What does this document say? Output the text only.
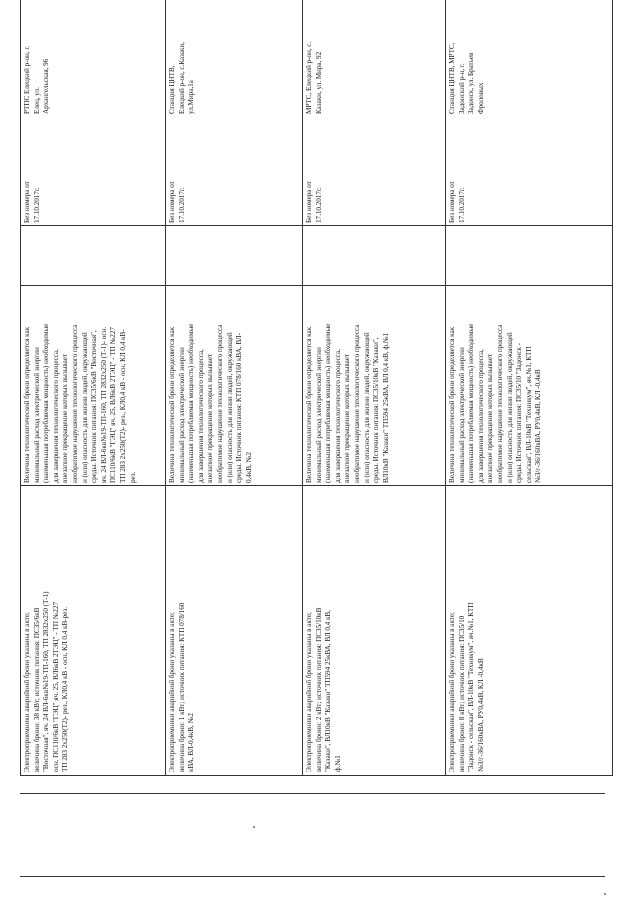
РТПС Елецкий р-он, г.
Елец, ул.
Архангельская, 96
Без номера от
17.10.2017г.
Величина технологической брони определяется как
минимальный расход электрической энергии
(наименьшая потребляемая мощность) необходимые
для завершения технологического процесса,
внезапное прекращение которых вызывает
необратимое нарушение технологического процесса
и (или) опасность для жизни людей, окружающей
среды. Источник питания: ПС35/6кВ "Восточная",
яч. 24 ВЛ-6кв№19-ТП-160, ТП 2832х250 (Т-1)- осн.
ПС110/6кВ "ГЭЦ" яч. 25, ВЛ6кВ 2ТЭЦ" - ТП №227
ТП 283 2х250(Т2)- рез., КЛ0,4 кВ - осн, КЛ 0,4 кВ-
рез.
Электроприемники аварийной брони указаны в акте;
величина брони: 38 кВт; источник питания: ПС35/6кВ
"Восточная", яч. 24 ВЛ-6кв№19-ТП-160, ТП 2832х250 (Т-1)
осн. ПС110/6кВ "ГЭЦ" яч. 25, ВЛ6кВ 2ТЭЦ" - ТП №227
ТП 283 2х250(Т2)- рез., КЛ0,4 кВ - осн, КЛ 0,4 кВ-рез.
Станция ЦНТВ,
Елецкий р-он, с.Казаки,
ул.Мира,1а
Без номера от
17.10.2017г.
Величина технологической брони определяется как
минимальный расход электрической энергии
(наименьшая потребляемая мощность) необходимые
для завершения технологического процесса,
внезапное прекращение которых вызывает
необратимое нарушение технологического процесса
и (или) опасность для жизни людей, окружающей
среды. Источник питания: КТП 078/160 кВА, ВЛ-
0,4кВ, №2
Электроприемники аварийной брони указаны в акте;
величина брони: 1 кВт; источник питания: КТП 078/160
кВА, ВЛ-0,4кВ, №2
МРТС, Елецкий р-он, с.
Казаки, ул. Мира, 92
Без номера от
17.10.2017г.
Величина технологической брони определяется как
минимальный расход электрической энергии
(наименьшая потребляемая мощность) необходимые
для завершения технологического процесса,
внезапное прекращение которых вызывает
необратимое нарушение технологического процесса
и (или) опасность для жизни людей, окружающей
среды. Источник питания: ПС35/10кВ "Казаки",
ВЛ10кВ "Казаки" ТП594 25кВА, ВЛ 0,4 кВ, ф.№1
Электроприемники аварийной брони указаны в акте;
величина брони: 2 кВт; источник питания: ПС35/10кВ
"Казаки", ВЛ10кВ "Казаки" ТП594 25кВА, ВЛ 0,4 кВ,
ф.№1
Станция ЦНТВ, МРТС,
Задонский р-н, г.
Задонск, ул. Братьев
Фроловых
Без номера от
17.10.2017г.
Величина технологической брони определяется как
минимальный расход электрической энергии
(наименьшая потребляемая мощность) необходимые
для завершения технологического процесса,
внезапное прекращение которых вызывает
необратимое нарушение технологического процесса
и (или) опасность для жизни людей, окружающей
среды. Источник питания: ПС35/10 "Задонск -
сельская", ВЛ-10кВ "Техникум", яч.№1, КТП
№3/г-36/160кВА, РУ0,4кВ, КЛ -0,4кВ
Электроприемники аварийной брони указаны в акте;
величина брони: 8 кВт; источник питания: ПС35/10
"Задонск - сельская", ВЛ-10кВ "Техникум", яч.№1, КТП
№3/г-36/160кВА, РУ0,4кВ, КЛ -0,4кВ
